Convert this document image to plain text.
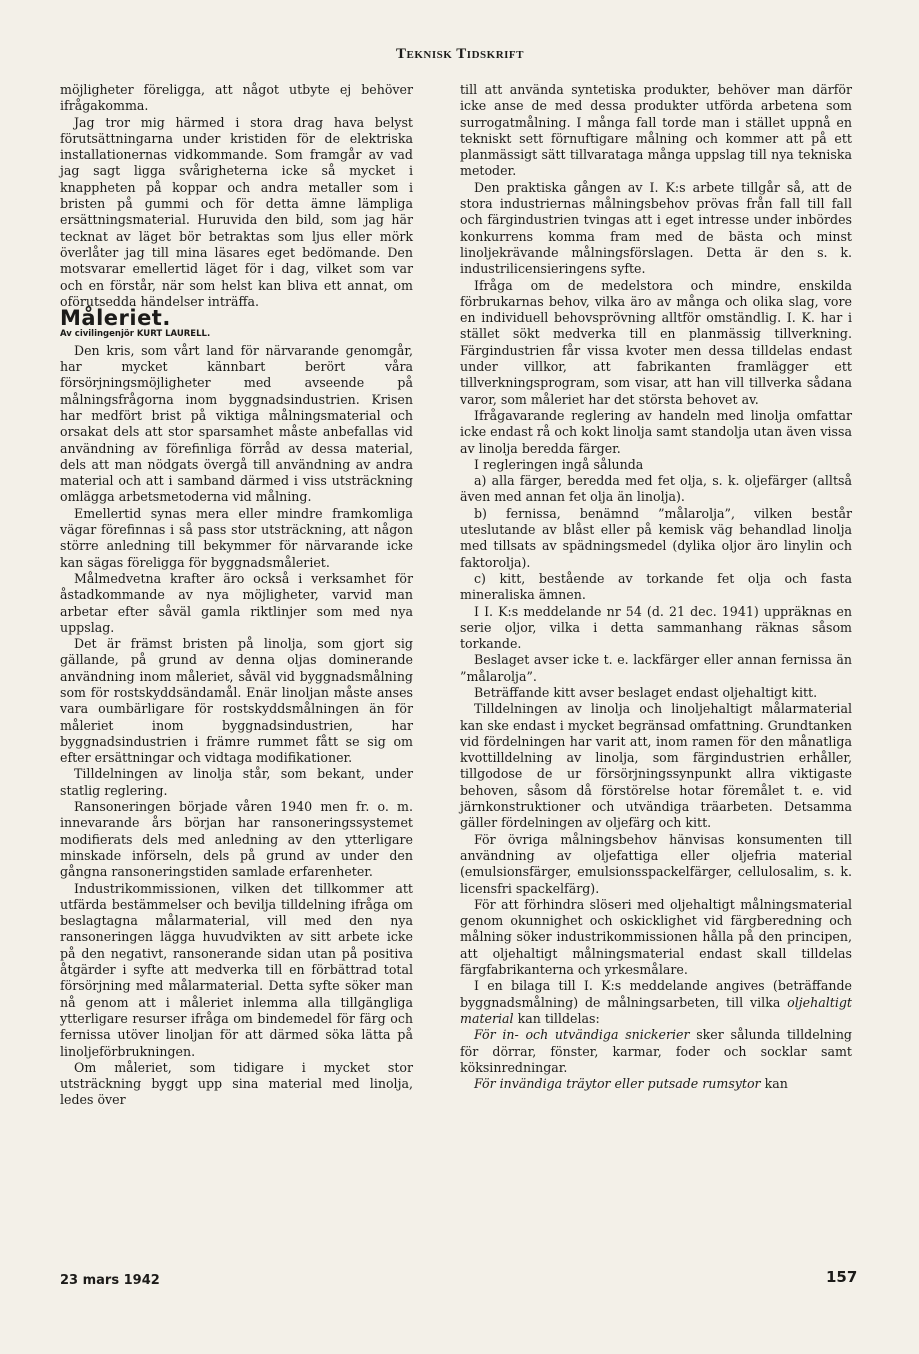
Teknisk Tidskrift

möjligheter föreligga, att något utbyte ej behöver ifrågakomma.

Jag tror mig härmed i stora drag hava belyst förutsättningarna under kristiden för de elektriska installationernas vidkommande. Som framgår av vad jag sagt ligga svårigheterna icke så mycket i knappheten på koppar och andra metaller som i bristen på gummi och för detta ämne lämpliga ersättningsmaterial. Huruvida den bild, som jag här tecknat av läget bör betraktas som ljus eller mörk överlåter jag till mina läsares eget bedömande. Den motsvarar emellertid läget för i dag, vilket som var och en förstår, när som helst kan bliva ett annat, om oförutsedda händelser inträffa.

Måleriet.

Av civilingenjör KURT LAURELL.

Den kris, som vårt land för närvarande genomgår, har mycket kännbart berört våra försörjningsmöjligheter med avseende på målningsfrågorna inom byggnadsindustrien. Krisen har medfört brist på viktiga målningsmaterial och orsakat dels att stor sparsamhet måste anbefallas vid användning av förefinliga förråd av dessa material, dels att man nödgats övergå till användning av andra material och att i samband därmed i viss utsträckning omlägga arbetsmetoderna vid målning.

Emellertid synas mera eller mindre framkomliga vägar förefinnas i så pass stor utsträckning, att någon större anledning till bekymmer för närvarande icke kan sägas föreligga för byggnadsmåleriet.

Målmedvetna krafter äro också i verksamhet för åstadkommande av nya möjligheter, varvid man arbetar efter såväl gamla riktlinjer som med nya uppslag.

Det är främst bristen på linolja, som gjort sig gällande, på grund av denna oljas dominerande användning inom måleriet, såväl vid byggnadsmålning som för rostskyddsändamål. Enär linoljan måste anses vara oumbärligare för rostskyddsmålningen än för måleriet inom byggnadsindustrien, har byggnadsindustrien i främre rummet fått se sig om efter ersättningar och vidtaga modifikationer.

Tilldelningen av linolja står, som bekant, under statlig reglering.

Ransoneringen började våren 1940 men fr. o. m. innevarande års början har ransoneringssystemet modifierats dels med anledning av den ytterligare minskade införseln, dels på grund av under den gångna ransoneringstiden samlade erfarenheter.

Industrikommissionen, vilken det tillkommer att utfärda bestämmelser och bevilja tilldelning ifråga om beslagtagna målarmaterial, vill med den nya ransoneringen lägga huvudvikten av sitt arbete icke på den negativt, ransonerande sidan utan på positiva åtgärder i syfte att medverka till en förbättrad total försörjning med målarmaterial. Detta syfte söker man nå genom att i måleriet inlemma alla tillgängliga ytterligare resurser ifråga om bindemedel för färg och fernissa utöver linoljan för att därmed söka lätta på linoljeförbrukningen.

Om måleriet, som tidigare i mycket stor utsträckning byggt upp sina material med linolja, ledes över

till att använda syntetiska produkter, behöver man därför icke anse de med dessa produkter utförda arbetena som surrogatmålning. I många fall torde man i stället uppnå en tekniskt sett förnuftigare målning och kommer att på ett planmässigt sätt tillvarataga många uppslag till nya tekniska metoder.

Den praktiska gången av I. K:s arbete tillgår så, att de stora industriernas målningsbehov prövas från fall till fall och färgindustrien tvingas att i eget intresse under inbördes konkurrens komma fram med de bästa och minst linoljekrävande målningsförslagen. Detta är den s. k. industrilicensieringens syfte.

Ifråga om de medelstora och mindre, enskilda förbrukarnas behov, vilka äro av många och olika slag, vore en individuell behovsprövning alltför omständlig. I. K. har i stället sökt medverka till en planmässig tillverkning. Färgindustrien får vissa kvoter men dessa tilldelas endast under villkor, att fabrikanten framlägger ett tillverkningsprogram, som visar, att han vill tillverka sådana varor, som måleriet har det största behovet av.

Ifrågavarande reglering av handeln med linolja omfattar icke endast rå och kokt linolja samt standolja utan även vissa av linolja beredda färger.

I regleringen ingå sålunda

a) alla färger, beredda med fet olja, s. k. oljefärger (alltså även med annan fet olja än linolja).

b) fernissa, benämnd ”målarolja”, vilken består uteslutande av blåst eller på kemisk väg behandlad linolja med tillsats av spädningsmedel (dylika oljor äro linylin och faktorolja).

c) kitt, bestående av torkande fet olja och fasta mineraliska ämnen.

I I. K:s meddelande nr 54 (d. 21 dec. 1941) uppräknas en serie oljor, vilka i detta sammanhang räknas såsom torkande.

Beslaget avser icke t. e. lackfärger eller annan fernissa än ”målarolja”.

Beträffande kitt avser beslaget endast oljehaltigt kitt.

Tilldelningen av linolja och linoljehaltigt målarmaterial kan ske endast i mycket begränsad omfattning. Grundtanken vid fördelningen har varit att, inom ramen för den månatliga kvottilldelning av linolja, som färgindustrien erhåller, tillgodose de ur försörjningssynpunkt allra viktigaste behoven, såsom då förstörelse hotar föremålet t. e. vid järnkonstruktioner och utvändiga träarbeten. Detsamma gäller fördelningen av oljefärg och kitt.

För övriga målningsbehov hänvisas konsumenten till användning av oljefattiga eller oljefria material (emulsionsfärger, emulsionsspackelfärger, cellulosalim, s. k. licensfri spackelfärg).

För att förhindra slöseri med oljehaltigt målningsmaterial genom okunnighet och oskicklighet vid färgberedning och målning söker industrikommissionen hålla på den principen, att oljehaltigt målningsmaterial endast skall tilldelas färgfabrikanterna och yrkesmålare.

I en bilaga till I. K:s meddelande angives (beträffande byggnadsmålning) de målningsarbeten, till vilka oljehaltigt material kan tilldelas:

För in- och utvändiga snickerier sker sålunda tilldelning för dörrar, fönster, karmar, foder och socklar samt köksinredningar.

För invändiga träytor eller putsade rumsytor kan

23 mars 1942	157
